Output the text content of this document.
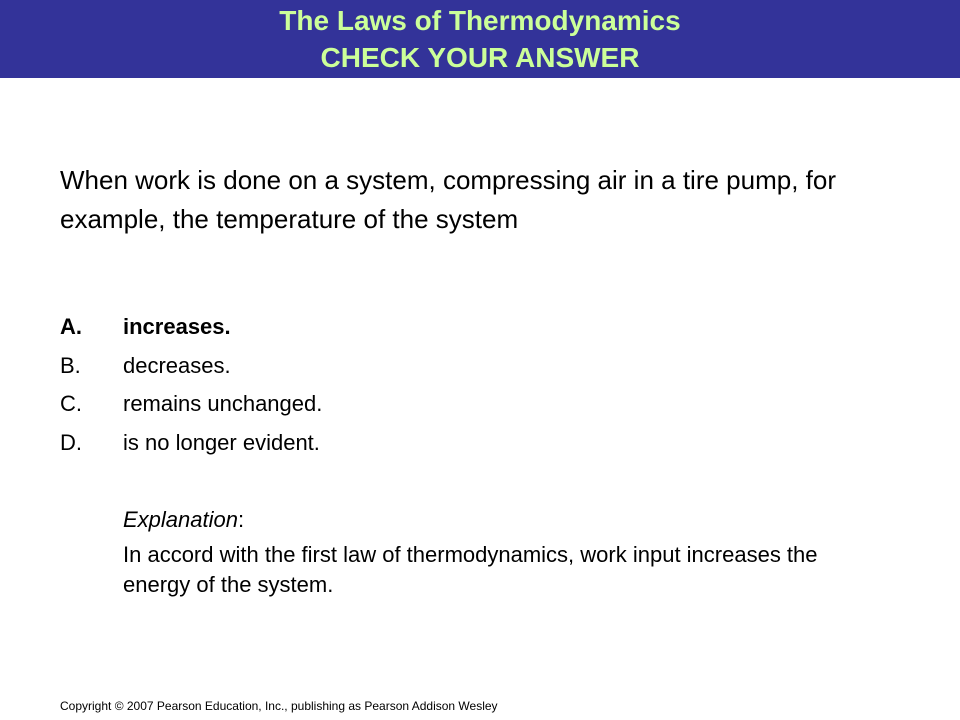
The Laws of Thermodynamics
CHECK YOUR ANSWER
When work is done on a system, compressing air in a tire pump, for example, the temperature of the system
A. increases.
B. decreases.
C. remains unchanged.
D. is no longer evident.
Explanation:
In accord with the first law of thermodynamics, work input increases the energy of the system.
Copyright © 2007 Pearson Education, Inc., publishing as Pearson Addison Wesley
